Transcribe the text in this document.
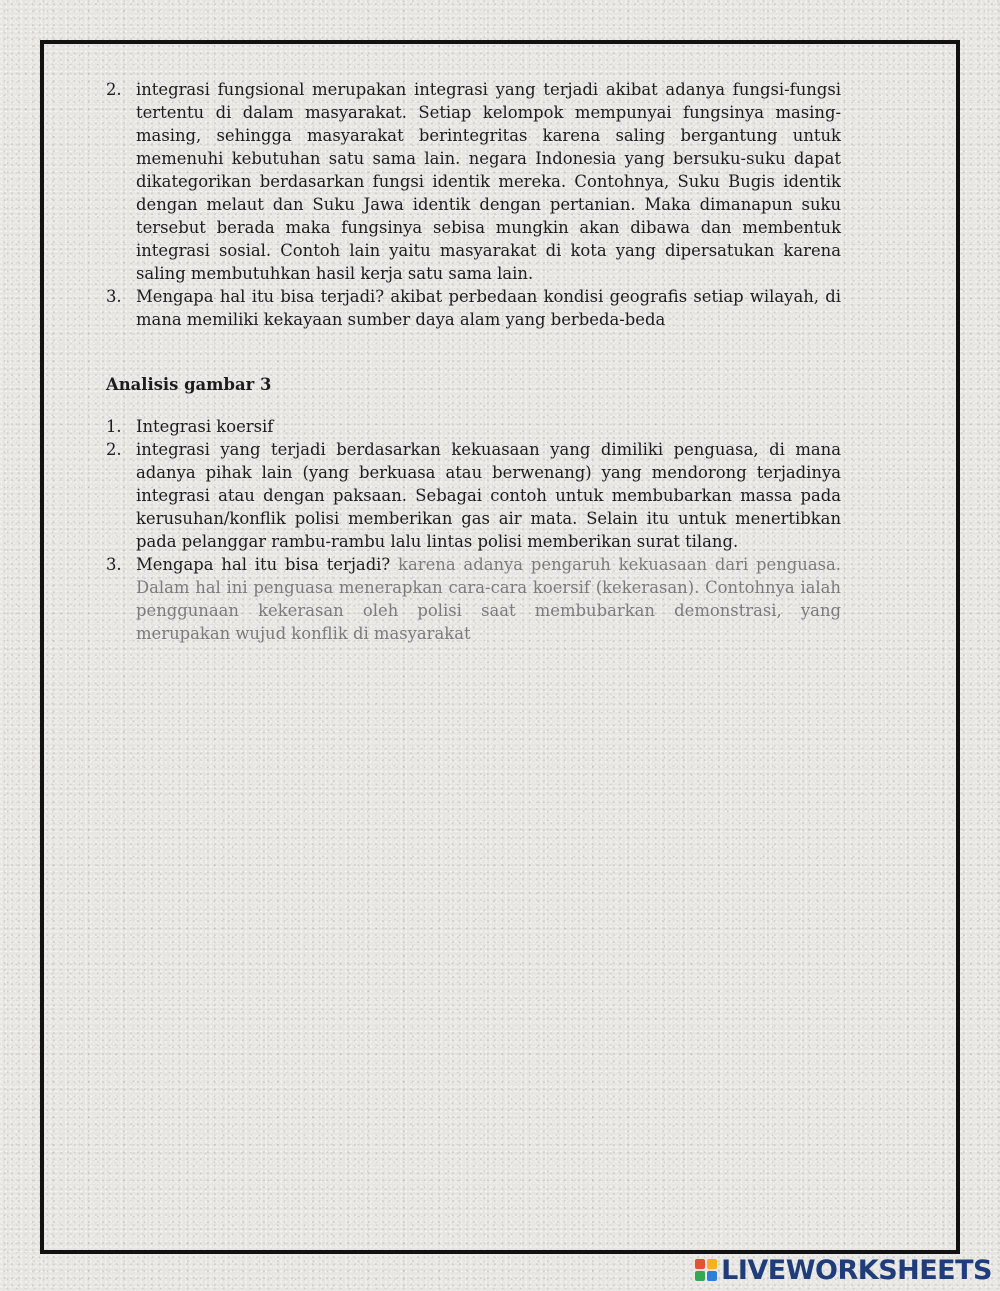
2. integrasi fungsional merupakan integrasi yang terjadi akibat adanya fungsi-fungsi tertentu di dalam masyarakat. Setiap kelompok mempunyai fungsinya masing-masing, sehingga masyarakat berintegritas karena saling bergantung untuk memenuhi kebutuhan satu sama lain. negara Indonesia yang bersuku-suku dapat dikategorikan berdasarkan fungsi identik mereka. Contohnya, Suku Bugis identik dengan melaut dan Suku Jawa identik dengan pertanian. Maka dimanapun suku tersebut berada maka fungsinya sebisa mungkin akan dibawa dan membentuk integrasi sosial. Contoh lain yaitu masyarakat di kota yang dipersatukan karena saling membutuhkan hasil kerja satu sama lain.
3. Mengapa hal itu bisa terjadi? akibat perbedaan kondisi geografis setiap wilayah, di mana memiliki kekayaan sumber daya alam yang berbeda-beda
Analisis gambar 3
1. Integrasi koersif
2. integrasi yang terjadi berdasarkan kekuasaan yang dimiliki penguasa, di mana adanya pihak lain (yang berkuasa atau berwenang) yang mendorong terjadinya integrasi atau dengan paksaan. Sebagai contoh untuk membubarkan massa pada kerusuhan/konflik polisi memberikan gas air mata. Selain itu untuk menertibkan pada pelanggar rambu-rambu lalu lintas polisi memberikan surat tilang.
3. Mengapa hal itu bisa terjadi? karena adanya pengaruh kekuasaan dari penguasa. Dalam hal ini penguasa menerapkan cara-cara koersif (kekerasan). Contohnya ialah penggunaan kekerasan oleh polisi saat membubarkan demonstrasi, yang merupakan wujud konflik di masyarakat
LIVEWORKSHEETS
